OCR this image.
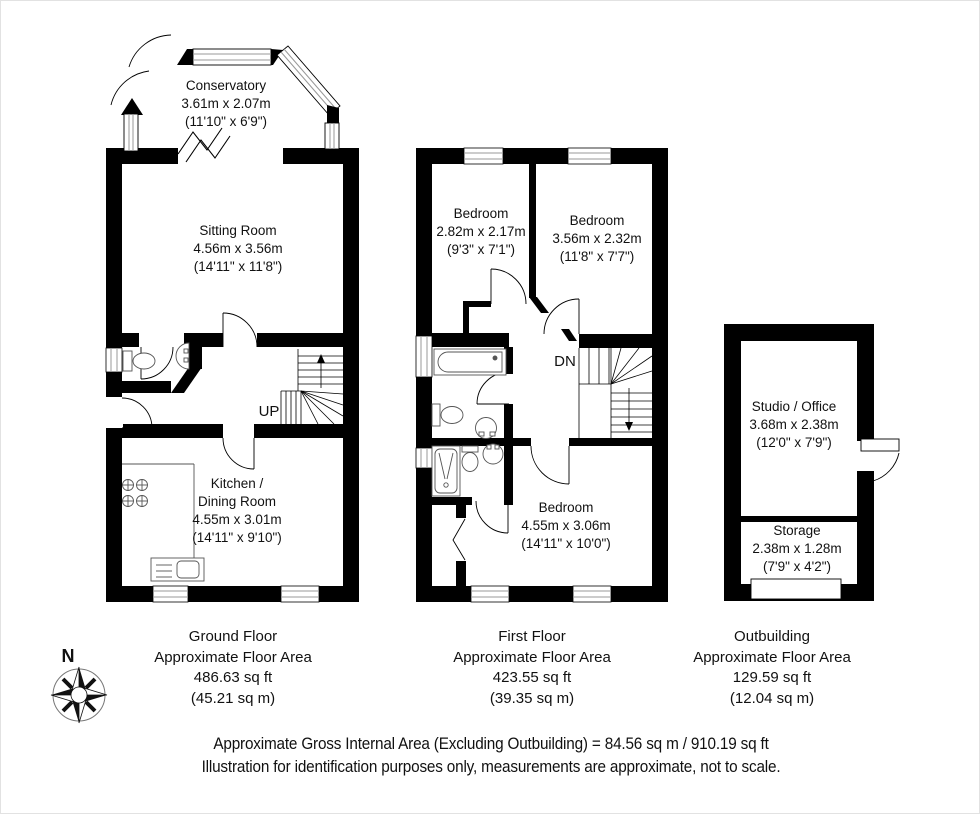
Conservatory
3.61m x 2.07m
(11'10" x 6'9")
Sitting Room
4.56m x 3.56m
(14'11" x 11'8")
Kitchen /
Dining Room
4.55m x 3.01m
(14'11" x 9'10")
Bedroom
2.82m x 2.17m
(9'3" x 7'1")
Bedroom
3.56m x 2.32m
(11'8" x 7'7")
Bedroom
4.55m x 3.06m
(14'11" x 10'0")
Studio / Office
3.68m x 2.38m
(12'0" x 7'9")
Storage
2.38m x 1.28m
(7'9" x 4'2")
UP
DN
N
Ground Floor
Approximate Floor Area
486.63 sq ft
(45.21 sq m)
First Floor
Approximate Floor Area
423.55 sq ft
(39.35 sq m)
Outbuilding
Approximate Floor Area
129.59 sq ft
(12.04 sq m)
Approximate Gross Internal Area (Excluding Outbuilding) = 84.56 sq m / 910.19 sq ft
Illustration for identification purposes only, measurements are approximate, not to scale.
